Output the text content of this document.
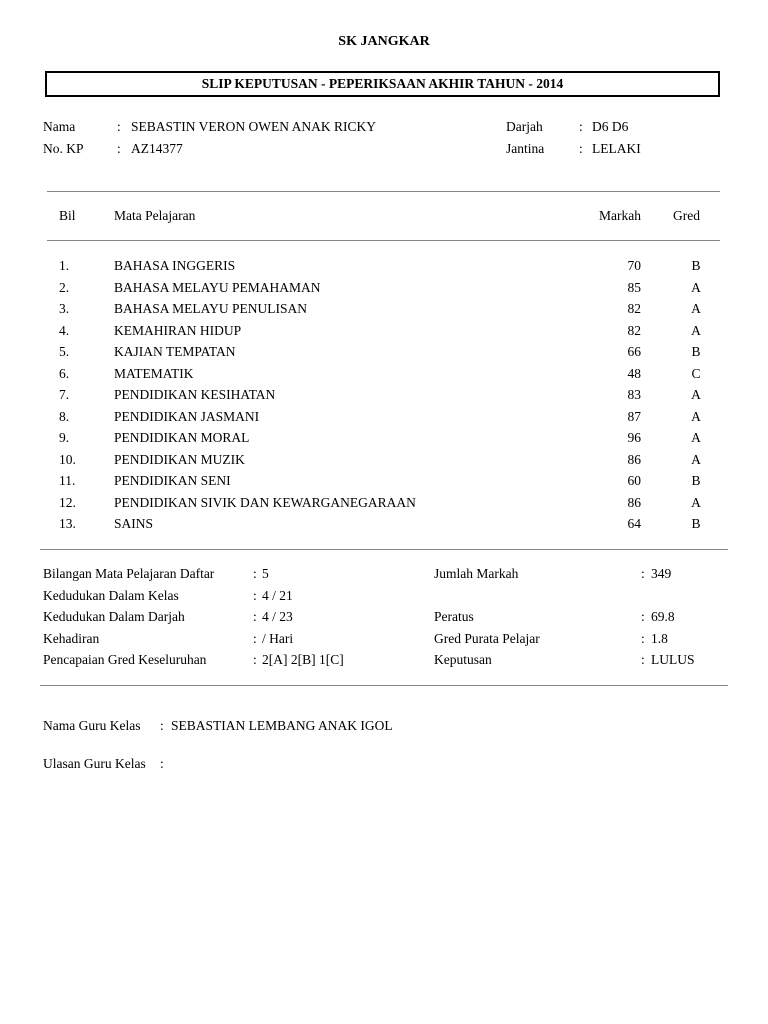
SK JANGKAR
SLIP KEPUTUSAN - PEPERIKSAAN AKHIR TAHUN - 2014
Nama	: SEBASTIN VERON OWEN ANAK RICKY
No. KP : AZ14377
Darjah	: D6 D6
Jantina	: LELAKI
Bil	Mata Pelajaran	Markah Gred
1.	BAHASA INGGERIS	70	B
2.	BAHASA MELAYU PEMAHAMAN	85	A
3.	BAHASA MELAYU PENULISAN	82	A
4.	KEMAHIRAN HIDUP	82	A
5.	KAJIAN TEMPATAN	66	B
6.	MATEMATIK	48	C
7.	PENDIDIKAN KESIHATAN	83	A
8.	PENDIDIKAN JASMANI	87	A
9.	PENDIDIKAN MORAL	96	A
10.	PENDIDIKAN MUZIK	86	A
11.	PENDIDIKAN SENI	60	B
12.	PENDIDIKAN SIVIK DAN KEWARGANEGARAAN	86	A
13.	SAINS	64	B
Bilangan Mata Pelajaran Daftar	: 5
Kedudukan Dalam Kelas	: 4 / 21
Kedudukan Dalam Darjah	: 4 / 23
Kehadiran	: / Hari
Pencapaian Gred Keseluruhan	: 2[A] 2[B] 1[C]
Jumlah Markah	: 349
Peratus	: 69.8
Gred Purata Pelajar	: 1.8
Keputusan	: LULUS
Nama Guru Kelas : SEBASTIAN LEMBANG ANAK IGOL
Ulasan Guru Kelas :
